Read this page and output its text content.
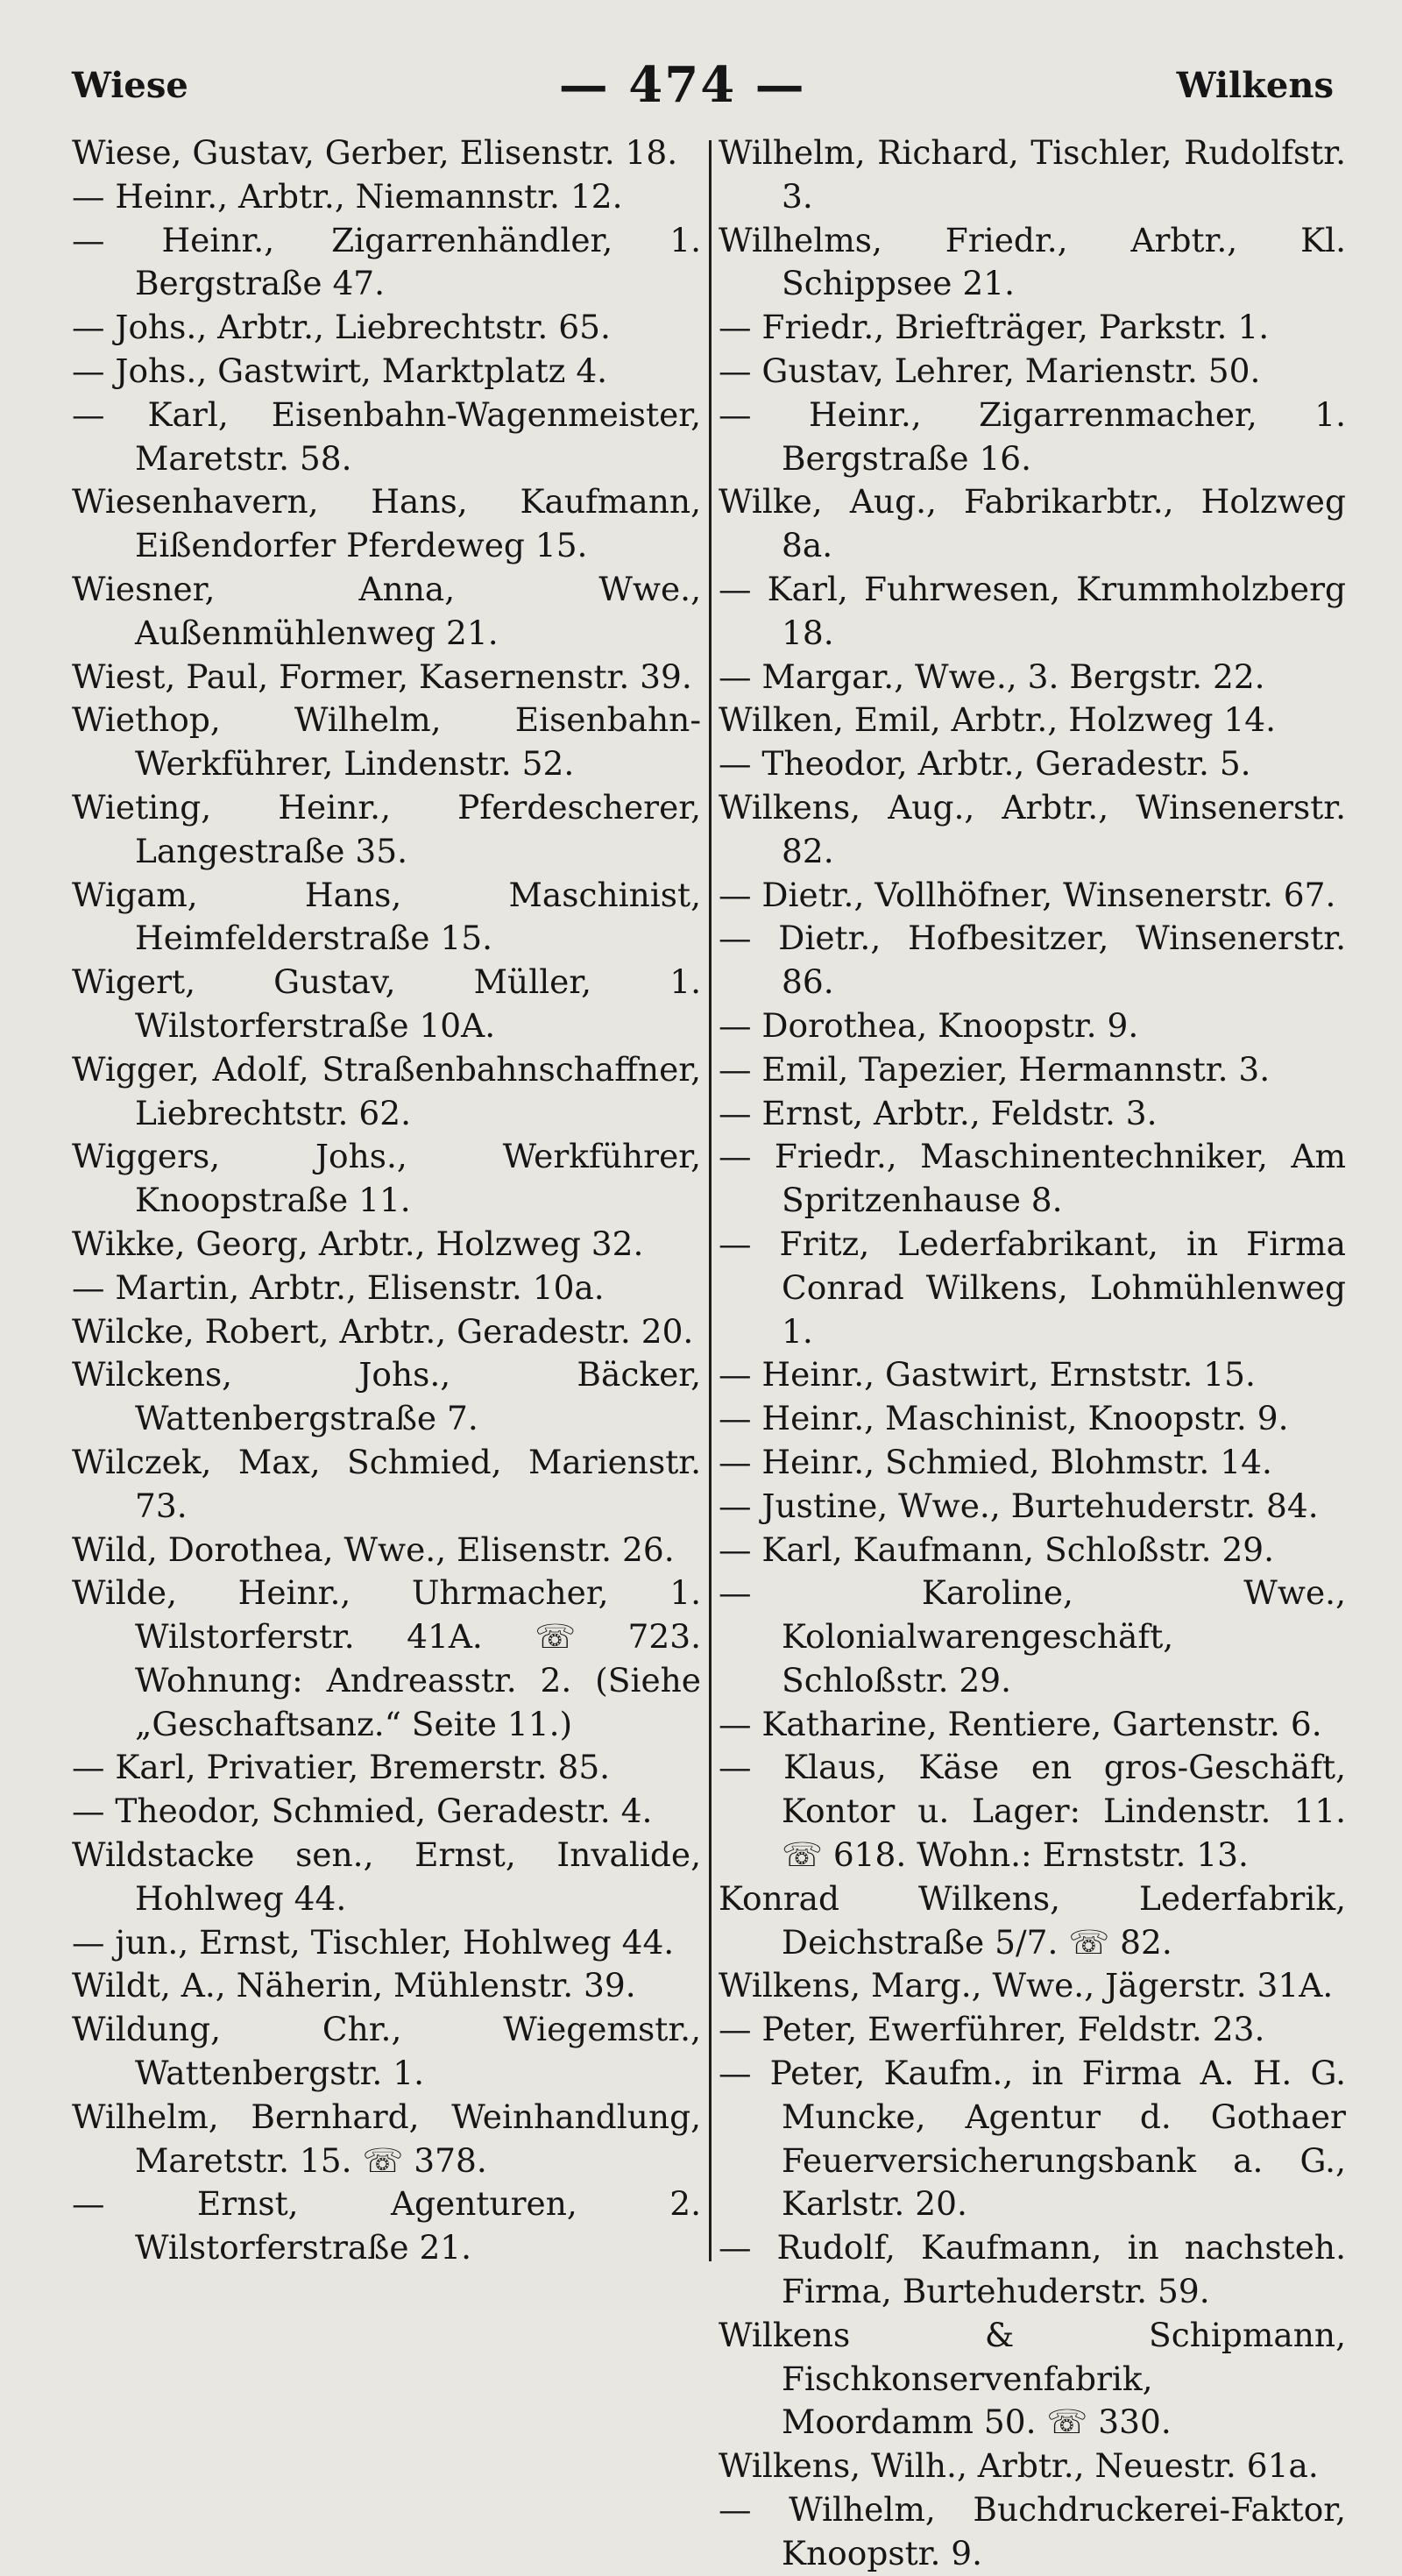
Wiese	— 474 —	Wilkens

Wiese, Gustav, Gerber, Elisenstr. 18.

— Heinr., Arbtr., Niemannstr. 12.

— Heinr., Zigarrenhändler, 1. Bergstraße 47.

— Johs., Arbtr., Liebrechtstr. 65.

— Johs., Gastwirt, Marktplatz 4.

— Karl, Eisenbahn-Wagenmeister, Maretstr. 58.

Wiesenhavern, Hans, Kaufmann, Eißendorfer Pferdeweg 15.

Wiesner, Anna, Wwe., Außenmühlenweg 21.

Wiest, Paul, Former, Kasernenstr. 39.

Wiethop, Wilhelm, Eisenbahn-Werkführer, Lindenstr. 52.

Wieting, Heinr., Pferdescherer, Langestraße 35.

Wigam, Hans, Maschinist, Heimfelderstraße 15.

Wigert, Gustav, Müller, 1. Wilstorferstraße 10A.

Wigger, Adolf, Straßenbahnschaffner, Liebrechtstr. 62.

Wiggers, Johs., Werkführer, Knoopstraße 11.

Wikke, Georg, Arbtr., Holzweg 32.

— Martin, Arbtr., Elisenstr. 10a.

Wilcke, Robert, Arbtr., Geradestr. 20.

Wilckens, Johs., Bäcker, Wattenbergstraße 7.

Wilczek, Max, Schmied, Marienstr. 73.

Wild, Dorothea, Wwe., Elisenstr. 26.

Wilde, Heinr., Uhrmacher, 1. Wilstorferstr. 41A. ☏ 723. Wohnung: Andreasstr. 2. (Siehe „Geschaftsanz.“ Seite 11.)

— Karl, Privatier, Bremerstr. 85.

— Theodor, Schmied, Geradestr. 4.

Wildstacke sen., Ernst, Invalide, Hohlweg 44.

— jun., Ernst, Tischler, Hohlweg 44.

Wildt, A., Näherin, Mühlenstr. 39.

Wildung, Chr., Wiegemstr., Wattenbergstr. 1.

Wilhelm, Bernhard, Weinhandlung, Maretstr. 15. ☏ 378.

— Ernst, Agenturen, 2. Wilstorferstraße 21.

Wilhelm, Richard, Tischler, Rudolfstr. 3.

Wilhelms, Friedr., Arbtr., Kl. Schippsee 21.

— Friedr., Briefträger, Parkstr. 1.

— Gustav, Lehrer, Marienstr. 50.

— Heinr., Zigarrenmacher, 1. Bergstraße 16.

Wilke, Aug., Fabrikarbtr., Holzweg 8a.

— Karl, Fuhrwesen, Krummholzberg 18.

— Margar., Wwe., 3. Bergstr. 22.

Wilken, Emil, Arbtr., Holzweg 14.

— Theodor, Arbtr., Geradestr. 5.

Wilkens, Aug., Arbtr., Winsenerstr. 82.

— Dietr., Vollhöfner, Winsenerstr. 67.

— Dietr., Hofbesitzer, Winsenerstr. 86.

— Dorothea, Knoopstr. 9.

— Emil, Tapezier, Hermannstr. 3.

— Ernst, Arbtr., Feldstr. 3.

— Friedr., Maschinentechniker, Am Spritzenhause 8.

— Fritz, Lederfabrikant, in Firma Conrad Wilkens, Lohmühlenweg 1.

— Heinr., Gastwirt, Ernststr. 15.

— Heinr., Maschinist, Knoopstr. 9.

— Heinr., Schmied, Blohmstr. 14.

— Justine, Wwe., Burtehuderstr. 84.

— Karl, Kaufmann, Schloßstr. 29.

— Karoline, Wwe., Kolonialwarengeschäft, Schloßstr. 29.

— Katharine, Rentiere, Gartenstr. 6.

— Klaus, Käse en gros-Geschäft, Kontor u. Lager: Lindenstr. 11. ☏ 618. Wohn.: Ernststr. 13.

Konrad Wilkens, Lederfabrik, Deichstraße 5/7. ☏ 82.

Wilkens, Marg., Wwe., Jägerstr. 31A.

— Peter, Ewerführer, Feldstr. 23.

— Peter, Kaufm., in Firma A. H. G. Muncke, Agentur d. Gothaer Feuerversicherungsbank a. G., Karlstr. 20.

— Rudolf, Kaufmann, in nachsteh. Firma, Burtehuderstr. 59.

Wilkens & Schipmann, Fischkonservenfabrik, Moordamm 50. ☏ 330.

Wilkens, Wilh., Arbtr., Neuestr. 61a.

— Wilhelm, Buchdruckerei-Faktor, Knoopstr. 9.
